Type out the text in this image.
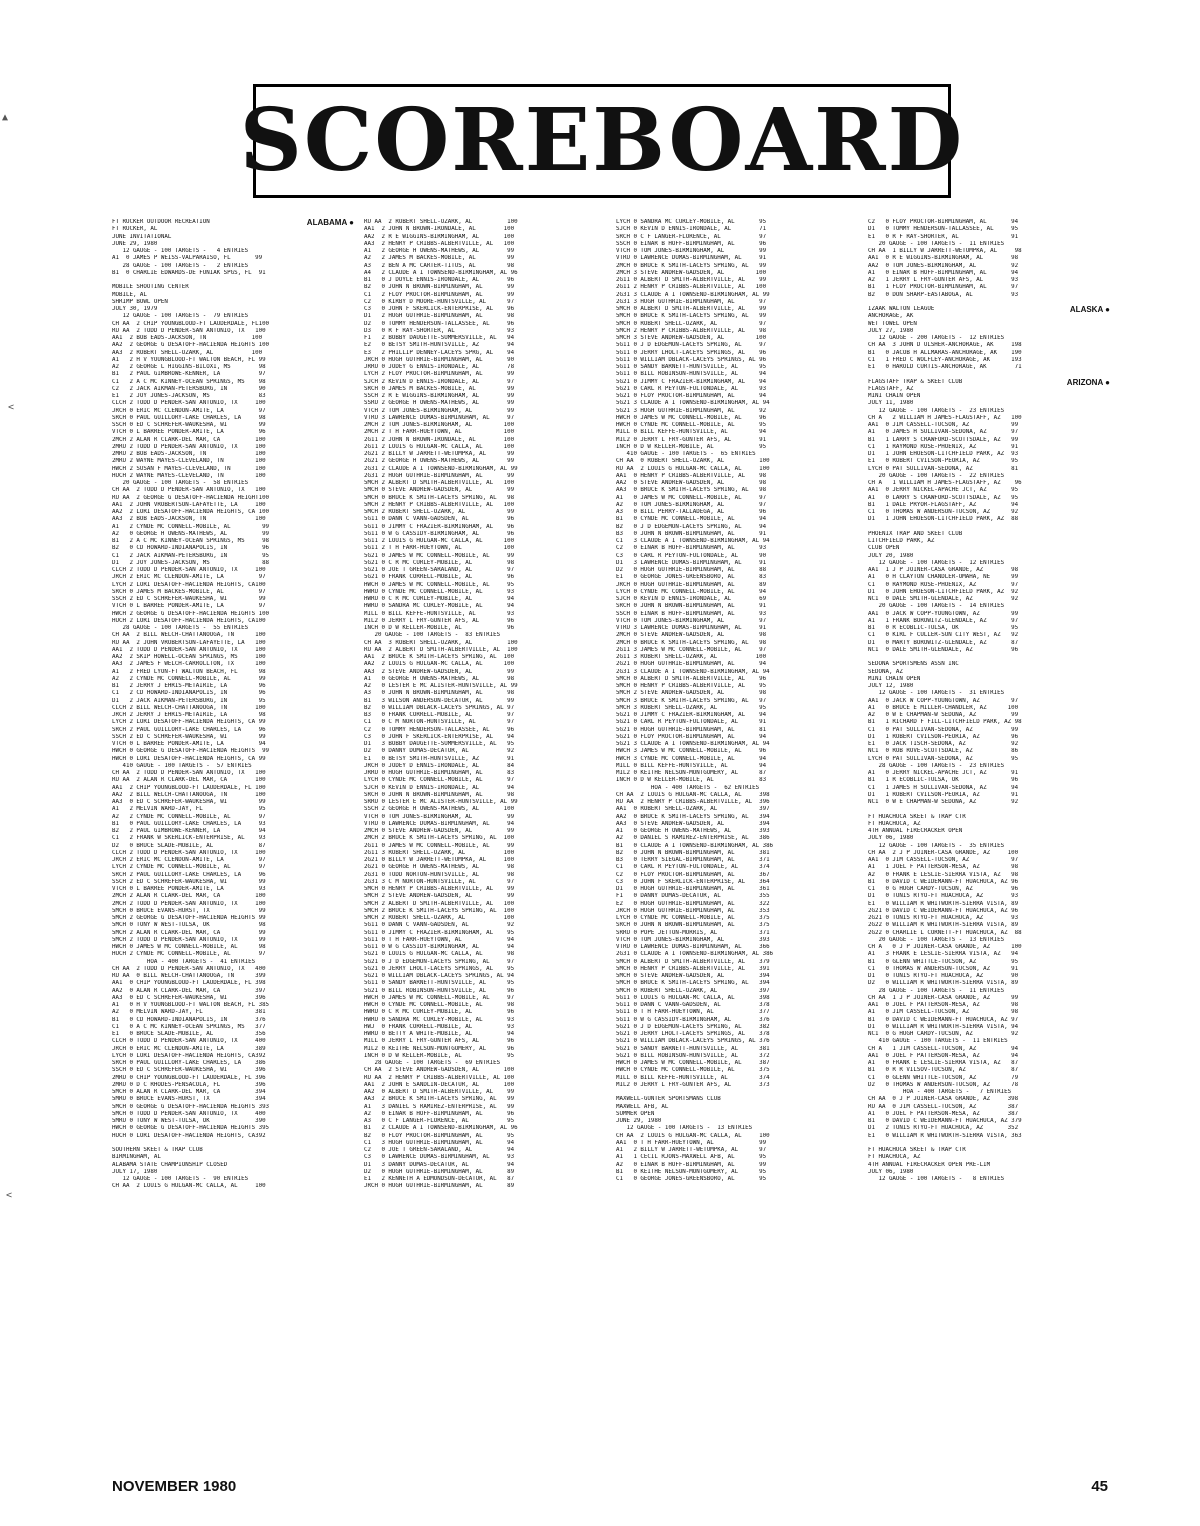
SCOREBOARD
▲
<
<
FT RUCKER OUTDOOR RECREATION	ALABAMA ●
FT RUCKER, AL
JUNE INVITATIONAL
JUNE 29, 1980
12 GAUGE - 100 TARGETS -   4 ENTRIES
A1  0 JAMES P WEISS-VALPARAISO, FL       99
28 GAUGE - 100 TARGETS -   2 ENTRIES
B1  0 CHARLIE EDWARDS-DE FUNIAK SPGS, FL  91
MOBILE SHOOTING CENTER
MOBILE, AL
SHRIMP BOWL OPEN
JULY 30, 1979
12 GAUGE - 100 TARGETS -  79 ENTRIES
CH AA  2 CHIP YOUNGBLOOD-FT LAUDERDALE, FL100
RU AA  2 TODD D PENDER-SAN ANTONIO, TX   100
AA1  2 BOB EADS-JACKSON, TN             100
AA2  2 GEORGE G DESATOFF-HACIENDA HEIGHTS 100
AA3  2 ROBERT SHELL-OZARK, AL           100
A1   2 H V YOUNGBLOOD-FT WALTON BEACH, FL 99
A2   2 GEORGE L HIGGINS-BILOXI, MS        98
B1   2 PAUL GIMBROWE-KENNER, LA           97
C1   2 A C MC KINNEY-OCEAN SPRINGS, MS    98
C2   2 JACK AIKMAN-PETERSBURG, IN         90
E1   2 JOY JONES-JACKSON, MS              83
CLCH 2 TODD D PENDER-SAN ANTONIO, TX     100
JRCH 0 ERIC MC CLENDON-AMITE, LA          97
SRCH 0 PAUL GUILLORY-LAKE CHARLES, LA     98
SSCH 0 ED C SCHREFER-WAUKESHA, WI         99
VTCH 0 L BARREE PONDER-AMITE, LA          96
2MCH 2 ALAN R CLARK-DEL MAR, CA          100
2MRU 2 TODD D PENDER-SAN ANTONIO, TX     100
2MRU 2 BOB EADS-JACKSON, TN              100
2MRU 2 WAYNE MAYES-CLEVELAND, TN         100
HWCH 2 SUSAN F MAYES-CLEVELAND, TN       100
HUCH 2 WAYNE MAYES-CLEVELAND, TN         100
20 GAUGE - 100 TARGETS -  58 ENTRIES
CH AA  2 TODD D PENDER-SAN ANTONIO, TX   100
RU AA  2 GEORGE G DESATOFF-HACIENDA HEIGHT100
AA1  2 JOHN VROBERTSON-LAFAYETTE, LA     100
AA2  2 LORI DESATOFF-HACIENDA HEIGHTS, CA 100
AA3  2 BOB EADS-JACKSON, TN              100
A1   2 CYNDE MC CONNELL-MOBILE, AL         99
A2   0 GEORGE H OWENS-MATHEWS, AL          99
B1   2 A C MC KINNEY-OCEAN SPRINGS, MS     98
B2   0 CD HOWARD-INDIANAPOLIS, IN          96
C1   2 JACK AIKMAN-PETERSBURG, IN          95
D1   2 JOY JONES-JACKSON, MS               88
CLCH 2 TODD D PENDER-SAN ANTONIO, TX     100
JRCH 2 ERIC MC CLENDON-AMITE, LA          97
LYCH 2 LORI DESATOFF-HACIENDA HEIGHTS, CA100
SRCH 0 JAMES M BACKES-MOBILE, AL          97
SSCH 2 ED C SCHREFER-WAUKESHA, WI         99
VTCH 0 L BARREE PONDER-AMITE, LA          97
HWCH 2 GEORGE G DESATOFF-HACIENDA HEIGHTS 100
HUCH 2 LORI DESATOFF-HACIENDA HEIGHTS, CA100
28 GAUGE - 100 TARGETS -  55 ENTRIES
CH AA  2 BILL WELCH-CHATTANOOGA, TN      100
RU AA  2 JOHN VROBERTSON-LAFAYETTE, LA   100
AA1  2 TODD D PENDER-SAN ANTONIO, TX     100
AA2  2 SKIP HOWELL-OCEAN SPRINGS, MS     100
AA3  2 JAMES F WELCH-CARROLLTON, TX      100
A1   2 FRED LYON-FT WALTON BEACH, FL      98
A2   2 CYNDE MC CONNELL-MOBILE, AL        99
B1   2 JERRY J EHRIS-METAIRIE, LA         96
C1   2 CD HOWARD-INDIANAPOLIS, IN         96
D1   2 JACK AIKMAN-PETERSBURG, IN         95
CLCH 2 BILL WELCH-CHATTANOOGA, TN        100
JRCH 2 JERRY J EHRIS-METAIRIE, LA         98
LYCH 2 LORI DESATOFF-HACIENDA HEIGHTS, CA 99
SRCH 2 PAUL GUILLORY-LAKE CHARLES, LA     96
SSCH 2 ED C SCHREFER-WAUKESHA, WI         99
VTCH 0 L BARREE PONDER-AMITE, LA          94
HWCH 0 GEORGE G DESATOFF-HACIENDA HEIGHTS  99
HWCH 0 LORI DESATOFF-HACIENDA HEIGHTS, CA 99
410 GAUGE - 100 TARGETS -  57 ENTRIES
CH AA  2 TODD D PENDER-SAN ANTONIO, TX   100
RU AA  2 ALAN R CLARK-DEL MAR, CA        100
AA1  2 CHIP YOUNGBLOOD-FT LAUDERDALE, FL 100
AA2  2 BILL WELCH-CHATTANOOGA, TN        100
AA3  0 ED C SCHREFER-WAUKESHA, WI         99
A1   2 MELVIN WARD-JAY, FL                95
A2   2 CYNDE MC CONNELL-MOBILE, AL        97
B1   0 PAUL GUILLORY-LAKE CHARLES, LA     93
B2   2 PAUL GIMBROWE-KENNER, LA           94
C1   2 FRANK W SKERLICK-ENTERPRISE, AL    93
D2   0 BRUCE SLADE-MOBILE, AL             87
CLCH 2 TODD D PENDER-SAN ANTONIO, TX     100
JRCH 2 ERIC MC CLENDON-AMITE, LA          97
LYCH 2 CYNDE MC CONNELL-MOBILE, AL        97
SRCH 2 PAUL GUILLORY-LAKE CHARLES, LA     96
SSCH 2 ED C SCHREFER-WAUKESHA, WI         99
VTCH 0 L BARREE PONDER-AMITE, LA          93
2MCH 2 ALAN R CLARK-DEL MAR, CA          100
2MCH 2 TODD D PENDER-SAN ANTONIO, TX     100
5MCH 0 BRUCE EVANS-HURST, TX              99
5MCH 2 GEORGE G DESATOFF-HACIENDA HEIGHTS 99
5MCH 0 TONY W WEST-TULSA, OK              98
5MCH 2 ALAN R CLARK-DEL MAR, CA           99
5MCH 2 TODD D PENDER-SAN ANTONIO, TX      99
HWCH 0 JAMES W MC CONNELL-MOBILE, AL      98
HUCH 2 CYNDE MC CONNELL-MOBILE, AL        97
HOA - 400 TARGETS -  41 ENTRIES
CH AA  2 TODD D PENDER-SAN ANTONIO, TX   400
RU AA  0 BILL WELCH-CHATTANOOGA, TN      399
AA1  0 CHIP YOUNGBLOOD-FT LAUDERDALE, FL 398
AA2  0 ALAN R CLARK-DEL MAR, CA          397
AA3  0 ED C SCHREFER-WAUKESHA, WI        396
A1   0 H V YOUNGBLOOD-FT WALTON BEACH, FL 385
A2   0 MELVIN WARD-JAY, FL               381
B1   0 CD HOWARD-INDIANAPOLIS, IN        376
C1   0 A C MC KINNEY-OCEAN SPRINGS, MS   377
E1   0 BRUCE SLADE-MOBILE, AL            356
CLCH 0 TODD D PENDER-SAN ANTONIO, TX     400
JRCH 0 ERIC MC CLENDON-AMITE, LA         389
LYCH 0 LORI DESATOFF-HACIENDA HEIGHTS, CA392
SRCH 0 PAUL GUILLORY-LAKE CHARLES, LA    386
SSCH 0 ED C SCHREFER-WAUKESHA, WI        396
2MRU 0 CHIP YOUNGBLOOD-FT LAUDERDALE, FL 396
2MRU 0 D C RHODES-PENSACOLA, FL          396
5MCH 0 ALAN R CLARK-DEL MAR, CA          394
5MRU 0 BRUCE EVANS-HURST, TX             394
5MCH 0 GEORGE G DESATOFF-HACIENDA HEIGHTS 393
5MCH 0 TODD D PENDER-SAN ANTONIO, TX     400
5MRU 0 TONY W WEST-TULSA, OK             390
HWCH 0 GEORGE G DESATOFF-HACIENDA HEIGHTS 395
HUCH 0 LORI DESATOFF-HACIENDA HEIGHTS, CA392
SOUTHERN SKEET & TRAP CLUB
BIRMINGHAM, AL
ALABAMA STATE CHAMPIONSHIP CLOSED
JULY 17, 1980
12 GAUGE - 100 TARGETS -  90 ENTRIES
CH AA  2 LOUIS G HULGAN-MC CALLA, AL     100
RU AA  2 ROBERT SHELL-OZARK, AL          100
AA1  2 JOHN N BROWN-IRONDALE, AL        100
AA2  2 R E WIGGINS-BIRMINGHAM, AL       100
AA3  2 HENRY P CRIBBS-ALBERTVILLE, AL   100
A1   2 GEORGE H OWENS-MATHEWS, AL        99
A2   2 JAMES M BACKES-MOBILE, AL         99
A3   2 BEN A MC CARTER-TITUS, AL         98
A4   2 CLAUDE A I TOWNSEND-BIRMINGHAM, AL 96
B1   0 J DOYLE ENNIS-IRONDALE, AL        96
B2   0 JOHN N BROWN-BIRMINGHAM, AL       99
C1   2 FLOY PROCTOR-BIRMINGHAM, AL       99
C2   0 KIRBY D MOORE-HUNTSVILLE, AL      97
C3   0 JOHN F SKERLICK-ENTERPRISE, AL    96
D1   2 HUGH GUTHRIE-BIRMINGHAM, AL       98
D2   0 TOMMY HENDERSON-TALLASSEE, AL     96
D3   0 R F RAY-SHORTER, AL               93
F1   2 BOBBY DAUGETTE-SUMMERSVILLE, AL   94
E2   0 BETSY SMITH-HUNTSVILLE, AZ        94
E3   2 PHILLIP DENNEY-LACEYS SPRG, AL    94
JRCH 0 HUGH GUTHRIE-BIRMINGHAM, AL       90
JRRU 0 JODEY G ENNIS-IRONDALE, AL        78
LYCH 2 FLOY PROCTOR-BIRMINGHAM, AL       99
SJCH 2 KEVIN D ENNIS-IRONDALE, AL        97
SRCH 0 JAMES M BACKES-MOBILE, AL         99
SSCH 2 R E WIGGINS-BIRMINGHAM, AL        99
SSRU 2 GEORGE H OWENS-MATHEWS, AL        99
VTCH 2 TOM JONES-BIRMINGHAM, AL          99
VTRU 3 LAWRENCE DUMAS-BIRMINGHAM, AL     97
2MCH 2 TOM JONES-BIRMINGHAM, AL         100
2MCH 2 T H FARR-HUEYTOWN, AL            100
2G11 2 JOHN N BROWN-IRONDALE, AL        100
2G11 2 LOUIS G HULGAN-MC CALLA, AL      100
2G21 2 BILLY W JARRETT-WETUMPKA, AL      99
2G21 2 GEORGE H OWENS-MATHEWS, AL        99
2G31 2 CLAUDE A I TOWNSEND-BIRMINGHAM, AL 99
2G31 2 HUGH GUTHRIE-BIRMINGHAM, AL       99
5MCH 2 ALBERT D SMITH-ALBERTVILLE, AL   100
5MCH 0 STEVE ANDREW-GADSDEN, AL          99
5MCH 0 BRUCE K SMITH-LACEYS SPRING, AL   98
5MCH 2 HENRY P CRIBBS-ALBERTVILLE, AL   100
5MCH 2 ROBERT SHELL-OZARK, AL            99
5G11 0 DANN C VANN-GADSDEN, AL           96
5G11 0 JIMMY C FRAZIER-BIRMINGHAM, AL    96
5G11 0 W G CASSIDY-BIRMINGHAM, AL        96
5G11 2 LOUIS G HULGAN-MC CALLA, AL      100
5G11 2 T H FARR-HUEYTOWN, AL            100
5G21 0 JAMES W MC CONNELL-MOBILE, AL     99
5G21 0 C R MC CURLEY-MOBILE, AL          98
5G21 0 JOE T GREEN-SARALAND, AL          97
5G21 0 FRANK CORRELL-MOBILE, AL          96
HWCH 0 JAMES W MC CONNELL-MOBILE, AL     95
HWRU 0 CYNDE MC CONNELL-MOBILE, AL       93
HWRU 0 C R MC CURLEY-MOBILE, AL          94
HWRU 0 SANDRA MC CURLEY-MOBILE, AL       94
MILL 0 BILL KEFFE-HUNTSVILLE, AL         93
MIL2 0 JERRY L FRY-GUNTER AFS, AL        96
INCH 0 D W KELLER-MOBILE, AL             96
20 GAUGE - 100 TARGETS -  83 ENTRIES
CH AA  3 ROBERT SHELL-OZARK, AL          100
RU AA  2 ALBERT D SMITH-ALBERTVILLE, AL  100
AA1  2 BRUCE K SMITH-LACEYS SPRING, AL  100
AA2  2 LOUIS G HULGAN-MC CALLA, AL      100
AA3  2 STEVE ANDREW-GADSDEN, AL          99
A1   0 GEORGE H OWENS-MATHEWS, AL        98
A2   0 LESTER E MC ALISTER-HUNTSVILLE, AL 99
A3   0 JOHN N BROWN-BIRMINGHAM, AL       98
B1   3 WILSON ANDERSON-DECATUR, AL       99
B2   0 WILLIAM DBLACK-LACEYS SPRINGS, AL 97
B3   0 FRANK CORRELL-MOBILE, AL          97
C1   0 C M NORTON-HUNTSVILLE, AL         97
C2   0 TOMMY HENDERSON-TALLASSEE, AL     96
C3   0 JOHN F SKERLICK-ENTERPRISE, AL    94
D1   3 BOBBY DAUGETTE-SUMMERSVILLE, AL   95
D2   0 DANNY DUMAS-DECATUR, AL           92
E1   0 BETSY SMITH-HUNTSVILLE, AZ        91
JRCH 0 JODEY D ENNIS-IRONDALE, AL        84
JRRU 0 HUGH GUTHRIE-BIRMINGHAM, AL       83
LYCH 0 CYNDE MC CONNELL-MOBILE, AL       97
SJCH 0 KEVIN D ENNIS-IRONDALE, AL        94
SRCH 0 JOHN N BROWN-BIRMINGHAM, AL       98
SRRU 0 LESTER E MC ALISTER-HUNTSVILLE, AL 99
SSCH 2 GEORGE H OWENS-MATHEWS, AL       100
VTCH 0 TOM JONES-BIRMINGHAM, AL          99
VTRU 0 LAWRENCE DUMAS-BIRMINGHAM, AL     94
2MCH 0 STEVE ANDREW-GADSDEN, AL          99
2MCH 2 BRUCE K SMITH-LACEYS SPRING, AL  100
2G11 0 JAMES W MC CONNELL-MOBILE, AL     99
2G11 3 ROBERT SHELL-OZARK, AL           100
2G21 0 BILLY W JARRETT-WETUMPKA, AL     100
2G21 0 GEORGE H OWENS-MATHEWS, AL        98
2G31 0 TODD NORTON-HUNTSVILLE, AL        98
2G31 3 C M NORTON-HUNTSVILLE, AL         97
5MCH 0 HENRY P CRIBBS-ALBERTVILLE, AL    99
5MCH 2 STEVE ANDREW-GADSDEN, AL          99
5MCH 2 ALBERT D SMITH-ALBERTVILLE, AL   100
5MCH 2 BRUCE K SMITH-LACEYS SPRING, AL  100
5MCH 2 ROBERT SHELL-OZARK, AL           100
5G11 0 DANN C VANN-GADSDEN, AL           92
5G11 0 JIMMY C FRAZIER-BIRMINGHAM, AL    95
5G11 0 T H FARR-HUEYTOWN, AL             94
5G11 0 W G CASSIDY-BIRMINGHAM, AL        94
5G21 0 LOUIS G HULGAN-MC CALLA, AL       98
5G21 0 J D EDGEMON-LACEYS SPRING, AL     97
5G21 0 JERRY LHOLT-LACEYS SPRINGS, AL    95
5G21 0 WILLIAM DBLACK-LACEYS SPRINGS, AL 94
5G11 0 SANDY BARNETT-HUNTSVILLE, AL      95
5G21 0 BILL ROBINSON-HUNTSVILLE, AL      96
HWCH 0 JAMES W MC CONNELL-MOBILE, AL     97
HWCH 0 CYNDE MC CONNELL-MOBILE, AL       98
HWRU 0 C R MC CURLEY-MOBILE, AL          96
HWRU 0 SANDRA MC CURLEY-MOBILE, AL       93
HWJ  0 FRANK CORRELL-MOBILE, AL          93
HWRU 0 BETTY A WHITE-MOBILE, AL          94
MILL 0 JERRY L FRY-GUNTER AFS, AL        96
MIL2 0 KEITHE NELSON-MONTGOMERY, AL      96
INCH 0 D W KELLER-MOBILE, AL             95
28 GAUGE - 100 TARGETS -  69 ENTRIES
CH AA  2 STEVE ANDREW-GADSDEN, AL       100
RU AA  2 HENRY P CRIBBS-ALBERTVILLE, AL 100
AA1  2 JOHN E SANDLIN-DECATUR, AL       100
AA2  0 ALBERT D SMITH-ALBERTVILLE, AL    99
AA3  2 BRUCE K SMITH-LACEYS SPRING, AL   99
A1   3 DANIEL S RAMIREZ-ENTERPRISE, AL   99
A2   0 EINAR B HOFF-BIRMINGHAM, AL       96
A3   0 C F LANGER-FLORENCE, AL           95
B1   2 CLAUDE A I TOWNSEND-BIRMINGHAM, AL 96
B2   0 FLOY PROCTOR-BIRMINGHAM, AL       95
C1   3 HUGH GUTHRIE-BIRMINGHAM, AL       94
C2   0 JOE T GREEN-SARALAND, AL          94
C3   0 LAWRENCE DUMAS-BIRMINGHAM, AL     93
D1   3 DANNY DUMAS-DECATUR, AL           94
D2   0 HUGH GUTHRIE-BIRMINGHAM, AL       89
E1   2 KENNETH A EDMONDSON-DECATUR, AL   87
JRCH 0 HUGH GUTHRIE-BIRMINGHAM, AL       89
LYCH 0 SANDRA MC CURLEY-MOBILE, AL       95
SJCH 0 KEVIN D ENNIS-IRONDALE, AL        71
SRCH 0 C F LANGER-FLORENCE, AL           97
SSCH 0 EINAR B HOFF-BIRMINGHAM, AL       96
VTCH 0 TOM JONES-BIRMINGHAM, AL          99
VTRU 0 LAWRENCE DUMAS-BIRMINGHAM, AL     91
2MCH 0 BRUCE K SMITH-LACEYS SPRING, AL   99
2MCH 3 STEVE ANDREW-GADSDEN, AL         100
2G11 0 ALBERT D SMITH-ALBERTVILLE, AL    99
2G11 2 HENRY P CRIBBS-ALBERTVILLE, AL   100
2G31 3 CLAUDE A I TOWNSEND-BIRMINGHAM, AL 99
2G31 3 HUGH GUTHRIE-BIRMINGHAM, AL       97
5MCH 0 ALBERT D SMITH-ALBERTVILLE, AL    99
5MCH 0 BRUCE K SMITH-LACEYS SPRING, AL   99
5MCH 0 ROBERT SHELL-OZARK, AL            97
5MCH 2 HENRY P CRIBBS-ALBERTVILLE, AL    98
5MCH 3 STEVE ANDREW-GADSDEN, AL         100
5G11 0 J D EDGEMON-LACEYS SPRING, AL     97
5G11 0 JERRY LHOLT-LACEYS SPRINGS, AL    96
5G11 0 WILLIAM DBLACK-LACEYS SPRINGS, AL 96
5G11 0 SANDY BARNETT-HUNTSVILLE, AL      95
5G11 0 BILL ROBINSON-HUNTSVILLE, AL      94
5G21 0 JIMMY C FRAZIER-BIRMINGHAM, AL    94
5G21 0 CARL R PEYTON-FULTONDALE, AL      93
5G21 0 FLOY PROCTOR-BIRMINGHAM, AL       94
5G21 3 CLAUDE A I TOWNSEND-BIRMINGHAM, AL 94
5G21 3 HUGH GUTHRIE-BIRMINGHAM, AL       92
HWCH 0 JAMES W MC CONNELL-MOBILE, AL     96
HWCH 0 CYNDE MC CONNELL-MOBILE, AL       95
MILL 0 BILL KEFFE-HUNTSVILLE, AL         94
MIL2 0 JERRY L FRY-GUNTER AFS, AL        91
INCH 0 D W KELLER-MOBILE, AL             95
410 GAUGE - 100 TARGETS -  65 ENTRIES
CH AA  0 ROBERT SHELL-OZARK, AL          100
RU AA  2 LOUIS G HULGAN-MC CALLA, AL     100
AA1  0 HENRY P CRIBBS-ALBERTVILLE, AL    98
AA2  0 STEVE ANDREW-GADSDEN, AL          98
AA3  0 BRUCE K SMITH-LACEYS SPRING, AL   98
A1   0 JAMES W MC CONNELL-MOBILE, AL     97
A2   0 TOM JONES-BIRMINGHAM, AL          97
A3   0 BILL PERRY-TALLADEGA, AL          96
B1   0 CYNDE MC CONNELL-MOBILE, AL       94
B2   0 J D EDGEMON-LACEYS SPRING, AL     94
B3   0 JOHN N BROWN-BIRMINGHAM, AL       91
C1   3 CLAUDE A I TOWNSEND-BIRMINGHAM, AL 94
C2   0 EINAR B HOFF-BIRMINGHAM, AL       93
C3   0 CARL R PEYTON-FULTONDALE, AL      90
D1   3 LAWRENCE DUMAS-BIRMINGHAM, AL     91
D2   0 HUGH GUTHRIE-BIRMINGHAM, AL       88
E1   0 GEORGE JONES-GREENSBORO, AL       83
JRCH 0 HUGH GUTHRIE-BIRMINGHAM, AL       89
LYCH 0 CYNDE MC CONNELL-MOBILE, AL       94
SJCH 0 KEVIN D ENNIS-IRONDALE, AL        69
SRCH 0 JOHN N BROWN-BIRMINGHAM, AL       91
SSCH 0 EINAR B HOFF-BIRMINGHAM, AL       93
VTCH 0 TOM JONES-BIRMINGHAM, AL          97
VTRU 3 LAWRENCE DUMAS-BIRMINGHAM, AL     91
2MCH 0 STEVE ANDREW-GADSDEN, AL          98
2MCH 0 BRUCE K SMITH-LACEYS SPRING, AL   98
2G11 3 JAMES W MC CONNELL-MOBILE, AL     97
2G11 3 ROBERT SHELL-OZARK, AL           100
2G21 0 HUGH GUTHRIE-BIRMINGHAM, AL       94
2G31 3 CLAUDE A I TOWNSEND-BIRMINGHAM, AL 94
5MCH 0 ALBERT D SMITH-ALBERTVILLE, AL    96
5MCH 0 HENRY P CRIBBS-ALBERTVILLE, AL    95
5MCH 2 STEVE ANDREW-GADSDEN, AL          98
5MCH 3 BRUCE K SMITH-LACEYS SPRING, AL   97
5MCH 3 ROBERT SHELL-OZARK, AL            95
5G21 0 JIMMY C FRAZIER-BIRMINGHAM, AL    94
5G21 0 CARL R PEYTON-FULTONDALE, AL      91
5G21 0 HUGH GUTHRIE-BIRMINGHAM, AL       81
5G21 0 FLOY PROCTOR-BIRMINGHAM, AL       94
5G21 3 CLAUDE A I TOWNSEND-BIRMINGHAM, AL 94
HWCH 3 JAMES W MC CONNELL-MOBILE, AL     96
HWCH 3 CYNDE MC CONNELL-MOBILE, AL       94
MILL 0 BILL KEFFE-HUNTSVILLE, AL         94
MIL2 0 KEITHE NELSON-MONTGOMERY, AL      87
INCH 0 D W KELLER-MOBILE, AL             83
HOA - 400 TARGETS -  62 ENTRIES
CH AA  2 LOUIS G HULGAN-MC CALLA, AL     398
RU AA  2 HENRY P CRIBBS-ALBERTVILLE, AL  396
AA1  0 ROBERT SHELL-OZARK, AL            397
AA2  0 BRUCE K SMITH-LACEYS SPRING, AL   394
AA3  0 STEVE ANDREW-GADSDEN, AL          394
A1   0 GEORGE H OWENS-MATHEWS, AL        393
A2   0 DANIEL S RAMIREZ-ENTERPRISE, AL   386
B1   0 CLAUDE A I TOWNSEND-BIRMINGHAM, AL 386
B2   0 JOHN N BROWN-BIRMINGHAM, AL       381
B3   0 TERRY SIEGAL-BIRMINGHAM, AL       371
C1   0 CARL R PEYTON-FULTONDALE, AL      374
C2   0 FLOY PROCTOR-BIRMINGHAM, AL       367
C3   0 JOHN F SKERLICK-ENTERPRISE, AL    364
D1   0 HUGH GUTHRIE-BIRMINGHAM, AL       361
F1   0 DANNY DUMAS-DECATUR, AL           355
E2   0 HUGH GUTHRIE-BIRMINGHAM, AL       322
JRCH 0 HUGH GUTHRIE-BIRMINGHAM, AL       353
LYCH 0 CYNDE MC CONNELL-MOBILE, AL       375
SRCH 0 JOHN N BROWN-BIRMINGHAM, AL       375
SRRU 0 POPE JETTON-MORRIS, AL            371
VTCH 0 TOM JONES-BIRMINGHAM, AL          393
VTRU 0 LAWRENCE DUMAS-BIRMINGHAM, AL     366
2G31 0 CLAUDE A I TOWNSEND-BIRMINGHAM, AL 386
5MCH 0 ALBERT D SMITH-ALBERTVILLE, AL    379
5MCH 0 HENRY P CRIBBS-ALBERTVILLE, AL    391
5MCH 0 STEVE ANDREW-GADSDEN, AL          394
5MCH 0 BRUCE K SMITH-LACEYS SPRING, AL   394
5MCH 0 ROBERT SHELL-OZARK, AL            397
5G11 0 LOUIS G HULGAN-MC CALLA, AL       398
5G11 0 DANN C VANN-GADSDEN, AL           378
5G11 0 T H FARR-HUEYTOWN, AL             377
5G11 0 W G CASSIDY-BIRMINGHAM, AL        376
5G21 0 J D EDGEMON-LACEYS SPRING, AL     382
5G21 0 JERRY LHOLT-LACEYS SPRINGS, AL    378
5G21 0 WILLIAM DBLACK-LACEYS SPRINGS, AL 376
5G21 0 SANDY BARNETT-HUNTSVILLE, AL      381
5G21 0 BILL ROBINSON-HUNTSVILLE, AL      372
HWCH 0 JAMES W MC CONNELL-MOBILE, AL     387
HWCH 0 CYNDE MC CONNELL-MOBILE, AL       375
MILL 0 BILL KEFFE-HUNTSVILLE, AL         374
MIL2 0 JERRY L FRY-GUNTER AFS, AL        373
MAXWELL-GUNTER SPORTSMANS CLUB
MAXWELL AFB, AL
SUMMER OPEN
JUNE 29, 1980
12 GAUGE - 100 TARGETS -  13 ENTRIES
CH AA  2 LOUIS G HULGAN-MC CALLA, AL     100
AA1  0 T H FARR-HUEYTOWN, AL             99
A1   2 BILLY W JARRETT-WETUMPKA, AL      97
A1   1 CECIL RJONS-MAXWELL AFB, AL       95
A2   0 EINAR B HOFF-BIRMINGHAM, AL       99
B1   0 KEITHE NELSON-MONTGOMERY, AL      95
C1   0 GEORGE JONES-GREENSBORO, AL       95
C2   0 FLOY PROCTOR-BIRMINGHAM, AL       94
D1   0 TOMMY HENDERSON-TALLASSEE, AL     95
E1   0 R F RAY-SHORTER, AL               91
20 GAUGE - 100 TARGETS -  11 ENTRIES
CH AA  1 BILLY W JARRETT-WETUMPKA, AL     98
AA1  0 R E WIGGINS-BIRMINGHAM, AL        98
AA2  0 TOM JONES-BIRMINGHAM, AL          92
A1   0 EINAR B HOFF-BIRMINGHAM, AL       94
A2   1 JERRY L FRY-GUNTER AFS, AL        93
B1   1 FLOY PROCTOR-BIRMINGHAM, AL       97
B2   0 DON SHARP-EASTABOGA, AL           93
IZAAK WALTON LEAGUE	ALASKA ●
ANCHORAGE, AK
WET TOWEL OPEN
JULY 27, 1980
12 GAUGE - 200 TARGETS -  12 ENTRIES
CH AA  3 JOHN D ULSHER-ANCHORAGE, AK     198
B1   0 JACOB H ALLMARAS-ANCHORAGE, AK    190
C1   1 FRED C WOLFLEY-ANCHORAGE, AK      193
E1   0 HAROLD CURTIS-ANCHORAGE, AK        71
FLAGSTAFF TRAP & SKEET CLUB	ARIZONA ●
FLAGSTAFF, AZ
MINI CHAIN OPEN
JULY 11, 1980
12 GAUGE - 100 TARGETS -  23 ENTRIES
CH A   2 WILLIAM H JAMES-FLAGSTAFF, AZ   100
AA1  0 JIM CASSELL-TUCSON, AZ            99
A1   0 JAMES H SULLIVAN-SEDONA, AZ       97
B1   1 LARRY S CRAWFORD-SCOTTSDALE, AZ   99
C1   1 RAYMOND ROSE-PHOENIX, AZ          91
D1   1 JOHN EHOESON-LITCHFIELD PARK, AZ  93
E1   0 ROBERT CVILSON-PEORIA, AZ         95
LYCH 0 PAT SULLIVAN-SEDONA, AZ           81
20 GAUGE - 100 TARGETS -  22 ENTRIES
CH A   1 WILLIAM H JAMES-FLAGSTAFF, AZ    96
AA1  0 JERRY NICKEL-APACHE JCT, AZ       95
A1   0 LARRY S CRAWFORD-SCOTTSDALE, AZ   95
B1   1 DALE PRYOR-FLAGSTAFF, AZ          94
C1   0 THOMAS W ANDERSON-TUCSON, AZ      92
D1   1 JOHN EHOESON-LITCHFIELD PARK, AZ  88
PHOENIX TRAP AND SKEET CLUB
LITCHFIELD PARK, AZ
CLUB OPEN
JULY 20, 1980
12 GAUGE - 100 TARGETS -  12 ENTRIES
AA1  1 J P JOINER-CASA GRANDE, AZ        98
A1   0 H CLAYTON CHANDLER-OMAHA, NE      99
C1   0 RAYMOND ROSE-PHOENIX, AZ          97
D1   0 JOHN EHOESON-LITCHFIELD PARK, AZ  92
NC1  0 DALE SMITH-GLENDALE, AZ           92
20 GAUGE - 100 TARGETS -  14 ENTRIES
AA1  0 JACK W COPP-YOUNGTOWN, AZ         99
A1   1 FRANK BOROWITZ-GLENDALE, AZ       97
B1   0 R ECOBLIC-TULSA, OK               95
C1   0 KIRL F CULLER-SUN CITY WEST, AZ   92
D1   0 MARTY BOROWITZ-GLENDALE, AZ       87
NC1  0 DALE SMITH-GLENDALE, AZ           96
SEDONA SPORTSMENS ASSN INC
SEDONA, AZ
MINI CHAIN OPEN
JULY 12, 1980
12 GAUGE - 100 TARGETS -  31 ENTRIES
AA1  0 JACK W COPP-YOUNGTOWN, AZ         97
A1   0 BRUCE E MILLER-CHANDLER, AZ      100
A2   0 W E CHAPMAN-W SEDONA, AZ          99
B1   1 RICHARD F FILL-LITCHFIELD PARK, AZ 98
C1   0 PAT SULLIVAN-SEDONA, AZ           99
D1   1 ROBERT CVILSON-PEORIA, AZ         96
E1   0 JACK TISCH-SEDONA, AZ             92
NC1  0 ROB ROVE-SCOTTSDALE, AZ           86
LYCH 0 PAT SULLIVAN-SEDONA, AZ           95
28 GAUGE - 100 TARGETS -  23 ENTRIES
A1   0 JERRY NICKEL-APACHE JCT, AZ       91
B1   1 R ECOBLIC-TULSA, OK               96
C1   1 JAMES H SULLIVAN-SEDONA, AZ       94
D1   1 ROBERT CVILSON-PEORIA, AZ         91
NC1  0 W E CHAPMAN-W SEDONA, AZ          92
FT HUACHUCA SKEET & TRAP CTR
FT HUACHUCA, AZ
4TH ANNUAL FIRECRACKER OPEN
JULY 06, 1980
12 GAUGE - 100 TARGETS -  35 ENTRIES
CH AA  2 J P JOINER-CASA GRANDE, AZ     100
AA1  0 JIM CASSELL-TUCSON, AZ            97
A1   1 JOEL F PATTERSON-MESA, AZ         98
A2   0 FRANK E LESLIE-SIERRA VISTA, AZ   98
B1   0 DAVID C WEIDEMANN-FT HUACHUCA, AZ 96
C1   0 G HUGH CARDY-TUCSON, AZ           96
D1   0 TUNIS RTYO-FT HUACHUCA, AZ        93
E1   0 WILLIAM R WHITWORTH-SIERRA VISTA, 89
2G21 0 DAVID C WEIDEMANN-FT HUACHUCA, AZ 96
2G21 0 TUNIS RTYO-FT HUACHUCA, AZ        93
2G22 0 WILLIAM R WHITWORTH-SIERRA VISTA, 89
2G22 0 CHARLIE L CORNETT-FT HUACHUCA, AZ  88
20 GAUGE - 100 TARGETS -  13 ENTRIES
CH A   0 J P JOINER-CASA GRANDE, AZ      100
A1   3 FRANK E LESLIE-SIERRA VISTA, AZ   94
B1   0 GLENN WHITTLE-TUCSON, AZ          95
C1   0 THOMAS W ANDERSON-TUCSON, AZ      91
D1   0 TUNIS RTYO-FT HUACHUCA, AZ        90
D2   0 WILLIAM R WHITWORTH-SIERRA VISTA, 89
28 GAUGE - 100 TARGETS -  11 ENTRIES
CH AA  1 J P JOINER-CASA GRANDE, AZ      99
AA1  0 JOEL F PATTERSON-MESA, AZ         98
A1   0 JIM CASSELL-TUCSON, AZ            98
B1   0 DAVID C WEIDEMANN-FT HUACHUCA, AZ 97
D1   0 WILLIAM R WHITWORTH-SIERRA VISTA, 94
NC1  0 G HUGH CARDY-TUCSON, AZ           92
410 GAUGE - 100 TARGETS -  11 ENTRIES
CH A   1 JIM CASSELL-TUCSON, AZ          94
AA1  0 JOEL F PATTERSON-MESA, AZ         94
A1   0 FRANK E LESLIE-SIERRA VISTA, AZ   87
B1   0 R R VILSOV-TUCSON, AZ             87
C1   0 GLENN WHITTLE-TUCSON, AZ          79
D2   0 THOMAS W ANDERSON-TUCSON, AZ      78
HOA - 400 TARGETS -   7 ENTRIES
CH AA  0 J P JOINER-CASA GRANDE, AZ     398
RU AA  0 JIM CASSELL-TUCSON, AZ         387
A1   0 JOEL F PATTERSON-MESA, AZ        387
B1   0 DAVID C WEIDEMANN-FT HUACHUCA, AZ 379
D1   2 TUNIS RTYO-FT HUACHUCA, AZ       352
E1   0 WILLIAM R WHITWORTH-SIERRA VISTA, 363
FT HUACHUCA SKEET & TRAP CTR
FT HUACHUCA, AZ
4TH ANNUAL FIRECRACKER OPEN PRE-LIM
JULY 06, 1980
12 GAUGE - 100 TARGETS -   8 ENTRIES
NOVEMBER 1980	45
